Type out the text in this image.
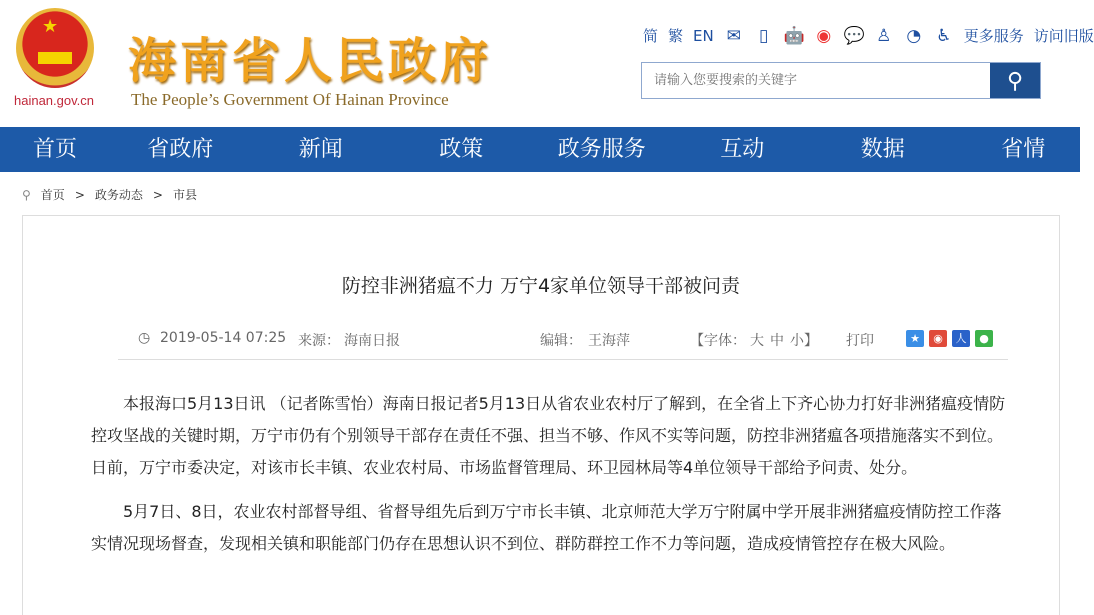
★
hainan.gov.cn
海南省人民政府
The People’s Government Of Hainan Province
简 繁 EN ✉	▯ 🤖 ◉ 💬 ♙ ◔ ♿ 更多服务 访问旧版
请输入您要搜索的关键字
⚲
首页	省政府	新闻	政策	政务服务	互动	数据	省情
⚲ 首页 > 政务动态 > 市县
防控非洲猪瘟不力 万宁4家单位领导干部被问责
◷ 2019-05-14 07:25 来源： 海南日报	编辑： 王海萍	【字体： 大 中 小】 打印	★	◉	人	●

本报海口5月13日讯 （记者陈雪怡）海南日报记者5月13日从省农业农村厅了解到，在全省上下齐心协力打好非洲猪瘟疫情防控攻坚战的关键时期，万宁市仍有个别领导干部存在责任不强、担当不够、作风不实等问题，防控非洲猪瘟各项措施落实不到位。日前，万宁市委决定，对该市长丰镇、农业农村局、市场监督管理局、环卫园林局等4单位领导干部给予问责、处分。

5月7日、8日，农业农村部督导组、省督导组先后到万宁市长丰镇、北京师范大学万宁附属中学开展非洲猪瘟疫情防控工作落实情况现场督查，发现相关镇和职能部门仍存在思想认识不到位、群防群控工作不力等问题，造成疫情管控存在极大风险。
